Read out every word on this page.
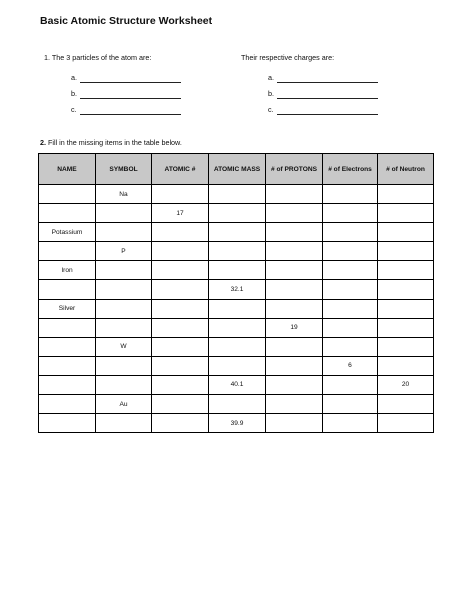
Basic Atomic Structure Worksheet
1. The 3 particles of the atom are:	Their respective charges are:
a.
b.
c.
a.
b.
c.
2. Fill in the missing items in the table below.
NAME	SYMBOL	ATOMIC #	ATOMIC MASS	# of PROTONS	# of Electrons	# of Neutron
	Na					
		17				
Potassium						
	P					
Iron						
			32.1			
Silver						
				19		
	W					
					6	
			40.1			20
	Au					
			39.9			
